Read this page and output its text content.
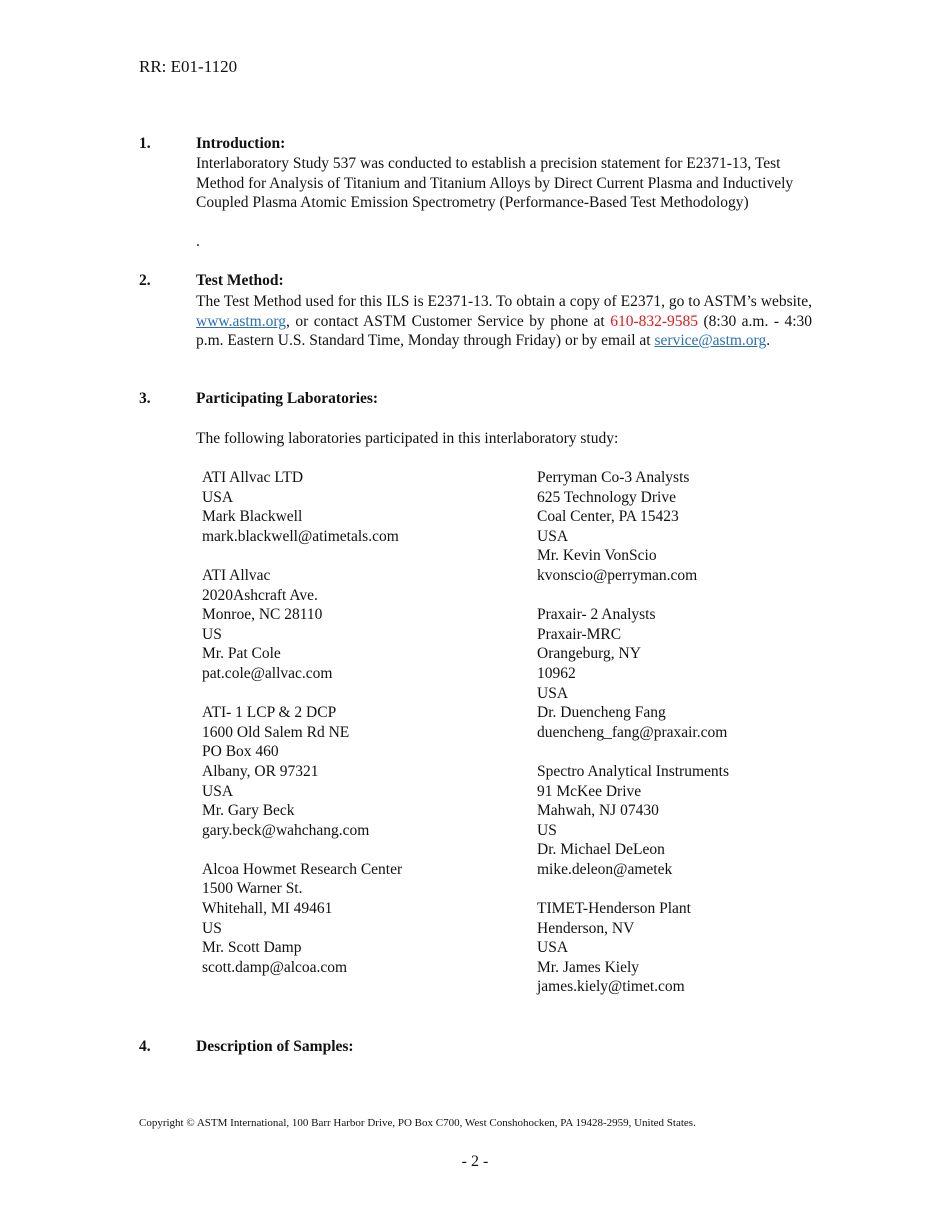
RR: E01-1120
1.	Introduction:
Interlaboratory Study 537 was conducted to establish a precision statement for E2371-13, Test Method for Analysis of Titanium and Titanium Alloys by Direct Current Plasma and Inductively Coupled Plasma Atomic Emission Spectrometry (Performance-Based Test Methodology)
.
2.	Test Method:
The Test Method used for this ILS is E2371-13. To obtain a copy of E2371, go to ASTM’s website, www.astm.org, or contact ASTM Customer Service by phone at 610-832-9585 (8:30 a.m. - 4:30 p.m. Eastern U.S. Standard Time, Monday through Friday) or by email at service@astm.org.
3.	Participating Laboratories:
The following laboratories participated in this interlaboratory study:
ATI Allvac LTD
USA
Mark Blackwell
mark.blackwell@atimetals.com
ATI Allvac
2020Ashcraft Ave.
Monroe, NC 28110
US
Mr. Pat Cole
pat.cole@allvac.com
ATI- 1 LCP & 2 DCP
1600 Old Salem Rd NE
PO Box 460
Albany, OR 97321
USA
Mr. Gary Beck
gary.beck@wahchang.com
Alcoa Howmet Research Center
1500 Warner St.
Whitehall, MI 49461
US
Mr. Scott Damp
scott.damp@alcoa.com
Perryman Co-3 Analysts
625 Technology Drive
Coal Center, PA 15423
USA
Mr. Kevin VonScio
kvonscio@perryman.com
Praxair- 2 Analysts
Praxair-MRC
Orangeburg, NY
10962
USA
Dr. Duencheng Fang
duencheng_fang@praxair.com
Spectro Analytical Instruments
91 McKee Drive
Mahwah, NJ 07430
US
Dr. Michael DeLeon
mike.deleon@ametek
TIMET-Henderson Plant
Henderson, NV
USA
Mr. James Kiely
james.kiely@timet.com
4.	Description of Samples:
Copyright © ASTM International, 100 Barr Harbor Drive, PO Box C700, West Conshohocken, PA 19428-2959, United States.
- 2 -
